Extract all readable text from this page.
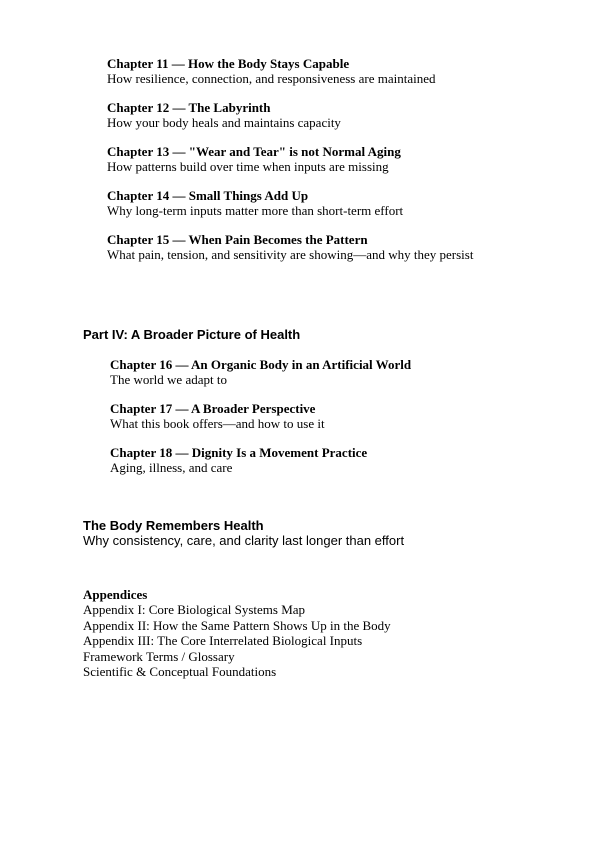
Chapter 11 — How the Body Stays Capable
How resilience, connection, and responsiveness are maintained
Chapter 12 — The Labyrinth
How your body heals and maintains capacity
Chapter 13 — "Wear and Tear" is not Normal Aging
How patterns build over time when inputs are missing
Chapter 14 — Small Things Add Up
Why long-term inputs matter more than short-term effort
Chapter 15 — When Pain Becomes the Pattern
What pain, tension, and sensitivity are showing—and why they persist
Part IV: A Broader Picture of Health
Chapter 16 — An Organic Body in an Artificial World
The world we adapt to
Chapter 17 — A Broader Perspective
What this book offers—and how to use it
Chapter 18 — Dignity Is a Movement Practice
Aging, illness, and care
The Body Remembers Health
Why consistency, care, and clarity last longer than effort
Appendices
Appendix I: Core Biological Systems Map
Appendix II: How the Same Pattern Shows Up in the Body
Appendix III: The Core Interrelated Biological Inputs
Framework Terms / Glossary
Scientific & Conceptual Foundations
